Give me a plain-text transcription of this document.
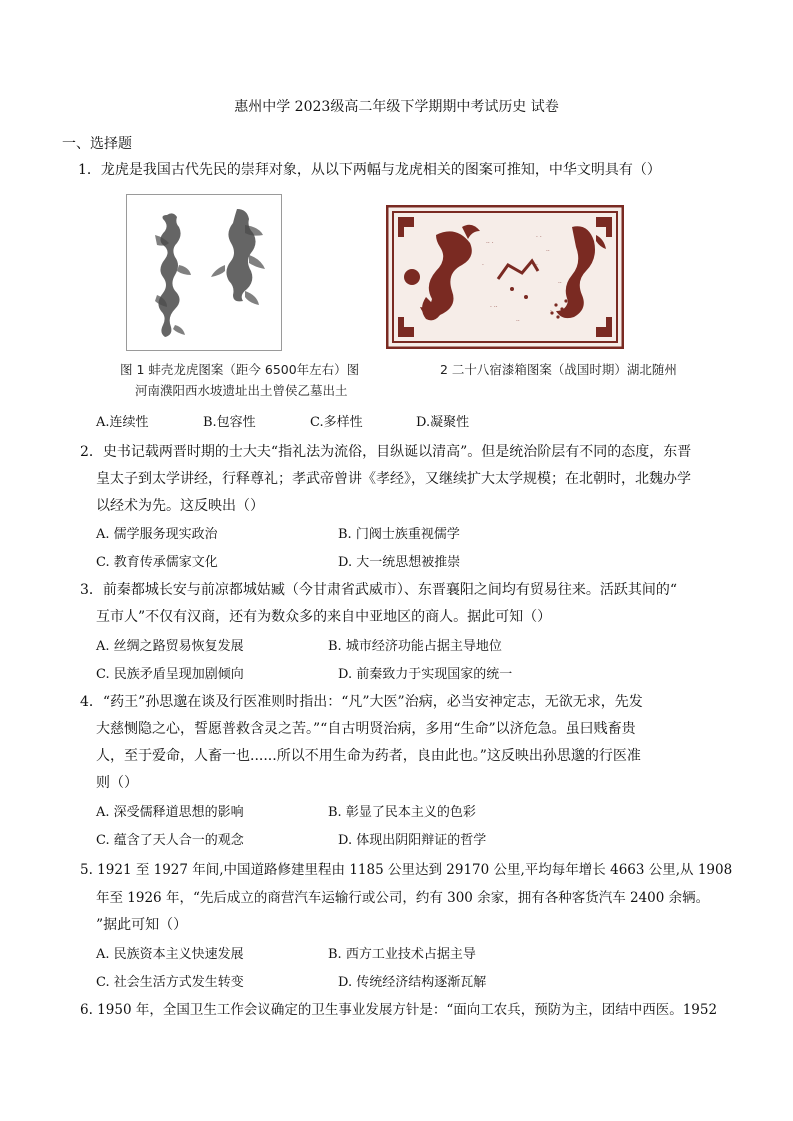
惠州中学 2023级高二年级下学期期中考试历史 试卷
一、选择题
1．龙虎是我国古代先民的崇拜对象，从以下两幅与龙虎相关的图案可推知，中华文明具有（）
·· ·
· ·
··
· ··
··
·
··
·	·
图 1 蚌壳龙虎图案（距今 6500年左右）图	2 二十八宿漆箱图案（战国时期）湖北随州
河南濮阳西水坡遗址出土曾侯乙墓出土
A.连续性	B.包容性	C.多样性	D.凝聚性
2．史书记载两晋时期的士大夫“指礼法为流俗，目纵诞以清高”。但是统治阶层有不同的态度，东晋
皇太子到太学讲经，行释尊礼；孝武帝曾讲《孝经》，又继续扩大太学规模；在北朝时，北魏办学
以经术为先。这反映出（）
A. 儒学服务现实政治	B. 门阀士族重视儒学
C. 教育传承儒家文化	D. 大一统思想被推崇
3．前秦都城长安与前凉都城姑臧（今甘肃省武威市）、东晋襄阳之间均有贸易往来。活跃其间的“
互市人”不仅有汉商，还有为数众多的来自中亚地区的商人。据此可知（）
A. 丝绸之路贸易恢复发展	B. 城市经济功能占据主导地位
C. 民族矛盾呈现加剧倾向	D. 前秦致力于实现国家的统一
4．“药王”孙思邈在谈及行医准则时指出：“凡”大医”治病，必当安神定志，无欲无求，先发
大慈恻隐之心，誓愿普救含灵之苦。”“自古明贤治病，多用“生命”以济危急。虽曰贱畜贵
人，至于爱命，人畜一也......所以不用生命为药者，良由此也。”这反映出孙思邈的行医准
则（）
A. 深受儒释道思想的影响	B. 彰显了民本主义的色彩
C. 蕴含了天人合一的观念	D. 体现出阴阳辩证的哲学
5. 1921 至 1927 年间,中国道路修建里程由 1185 公里达到 29170 公里,平均每年增长 4663 公里,从 1908
年至 1926 年，“先后成立的商营汽车运输行或公司，约有 300 余家，拥有各种客货汽车 2400 余辆。
”据此可知（）
A. 民族资本主义快速发展	B. 西方工业技术占据主导
C. 社会生活方式发生转变	D. 传统经济结构逐渐瓦解
6. 1950 年，全国卫生工作会议确定的卫生事业发展方针是：“面向工农兵，预防为主，团结中西医。1952
